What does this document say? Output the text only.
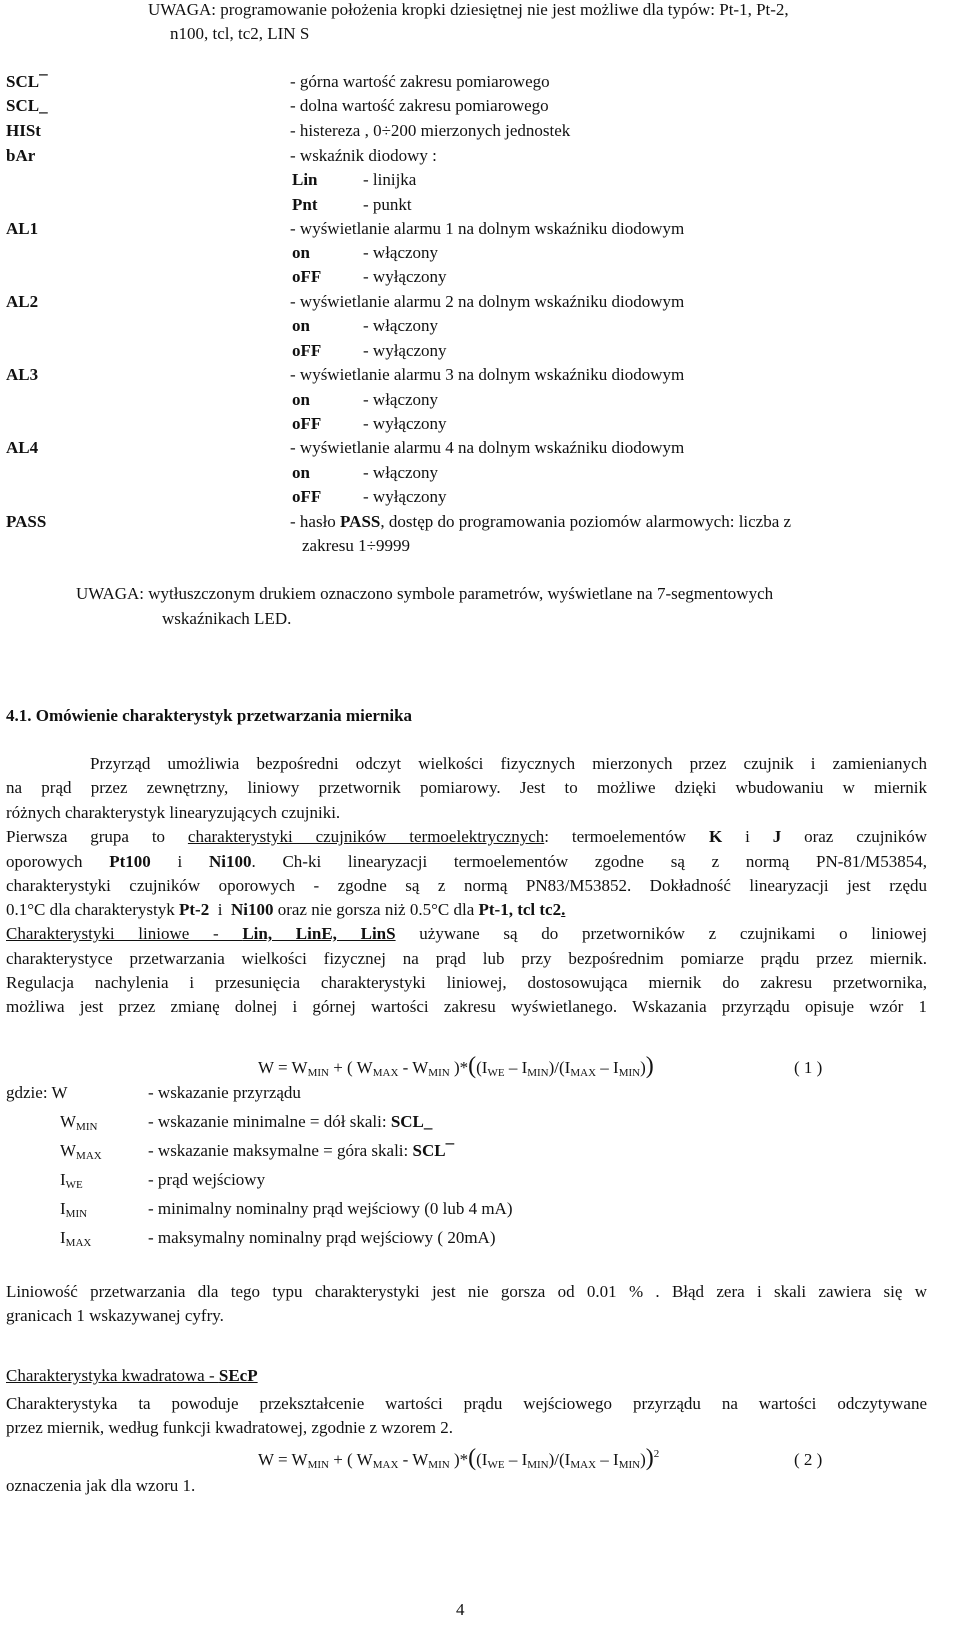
UWAGA: programowanie położenia kropki dziesiętnej nie jest możliwe dla typów: Pt-1, Pt-2,
n100, tcl, tc2, LIN S
SCL¯	- górna wartość zakresu pomiarowego
SCL_	- dolna wartość zakresu pomiarowego
HISt	- histereza , 0÷200 mierzonych jednostek
bAr	- wskaźnik diodowy :
Lin	- linijka
Pnt	- punkt
AL1	- wyświetlanie alarmu 1 na dolnym wskaźniku diodowym
on	- włączony
oFF - wyłączony
AL2	- wyświetlanie alarmu 2 na dolnym wskaźniku diodowym
on	- włączony
oFF - wyłączony
AL3	- wyświetlanie alarmu 3 na dolnym wskaźniku diodowym
on	- włączony
oFF - wyłączony
AL4	- wyświetlanie alarmu 4 na dolnym wskaźniku diodowym
on	- włączony
oFF - wyłączony
PASS	- hasło PASS, dostęp do programowania poziomów alarmowych: liczba z
zakresu 1÷9999
UWAGA: wytłuszczonym drukiem oznaczono symbole parametrów, wyświetlane na 7-segmentowych
wskaźnikach LED.
4.1. Omówienie charakterystyk przetwarzania miernika
Przyrząd umożliwia bezpośredni odczyt wielkości fizycznych mierzonych przez czujnik i zamienianych
na prąd przez zewnętrzny, liniowy przetwornik pomiarowy. Jest to możliwe dzięki wbudowaniu w miernik
różnych charakterystyk linearyzujących czujniki.
Pierwsza grupa to charakterystyki czujników termoelektrycznych: termoelementów K i J oraz czujników
oporowych Pt100 i Ni100. Ch-ki linearyzacji termoelementów zgodne są z normą PN-81/M53854,
charakterystyki czujników oporowych - zgodne są z normą PN83/M53852. Dokładność linearyzacji jest rzędu
0.1°C dla charakterystyk Pt-2 i Ni100 oraz nie gorsza niż 0.5°C dla Pt-1, tcl tc2.
Charakterystyki liniowe - Lin, LinE, LinS używane są do przetworników z czujnikami o liniowej
charakterystyce przetwarzania wielkości fizycznej na prąd lub przy bezpośrednim pomiarze prądu przez miernik.
Regulacja nachylenia i przesunięcia charakterystyki liniowej, dostosowująca miernik do zakresu przetwornika,
możliwa jest przez zmianę dolnej i górnej wartości zakresu wyświetlanego. Wskazania przyrządu opisuje wzór 1
$W = W_{MIN}$ + ( $W_{MAX} - W_{MIN}$ )$*((I_{WE} - I_{MIN})/(I_{MAX} - I_{MIN}))$	( 1 )
gdzie: W	- wskazanie przyrządu
$W_{MIN}$	- wskazanie minimalne = dół skali: SCL_
$W_{MAX}$	- wskazanie maksymalne = góra skali: SCL¯
$I_{WE}$	- prąd wejściowy
$I_{MIN}$	- minimalny nominalny prąd wejściowy (0 lub 4 mA)
$I_{MAX}$	- maksymalny nominalny prąd wejściowy ( 20mA)
Liniowość przetwarzania dla tego typu charakterystyki jest nie gorsza od 0.01 % . Błąd zera i skali zawiera się w
granicach 1 wskazywanej cyfry.
Charakterystyka kwadratowa - SEcP
Charakterystyka ta powoduje przekształcenie wartości prądu wejściowego przyrządu na wartości odczytywane
przez miernik, według funkcji kwadratowej, zgodnie z wzorem 2.
$W = W_{MIN}$ + ( $W_{MAX} - W_{MIN}$ )$*((I_{WE} - I_{MIN})/(I_{MAX} - I_{MIN}))^2$	( 2 )
oznaczenia jak dla wzoru 1.
4
